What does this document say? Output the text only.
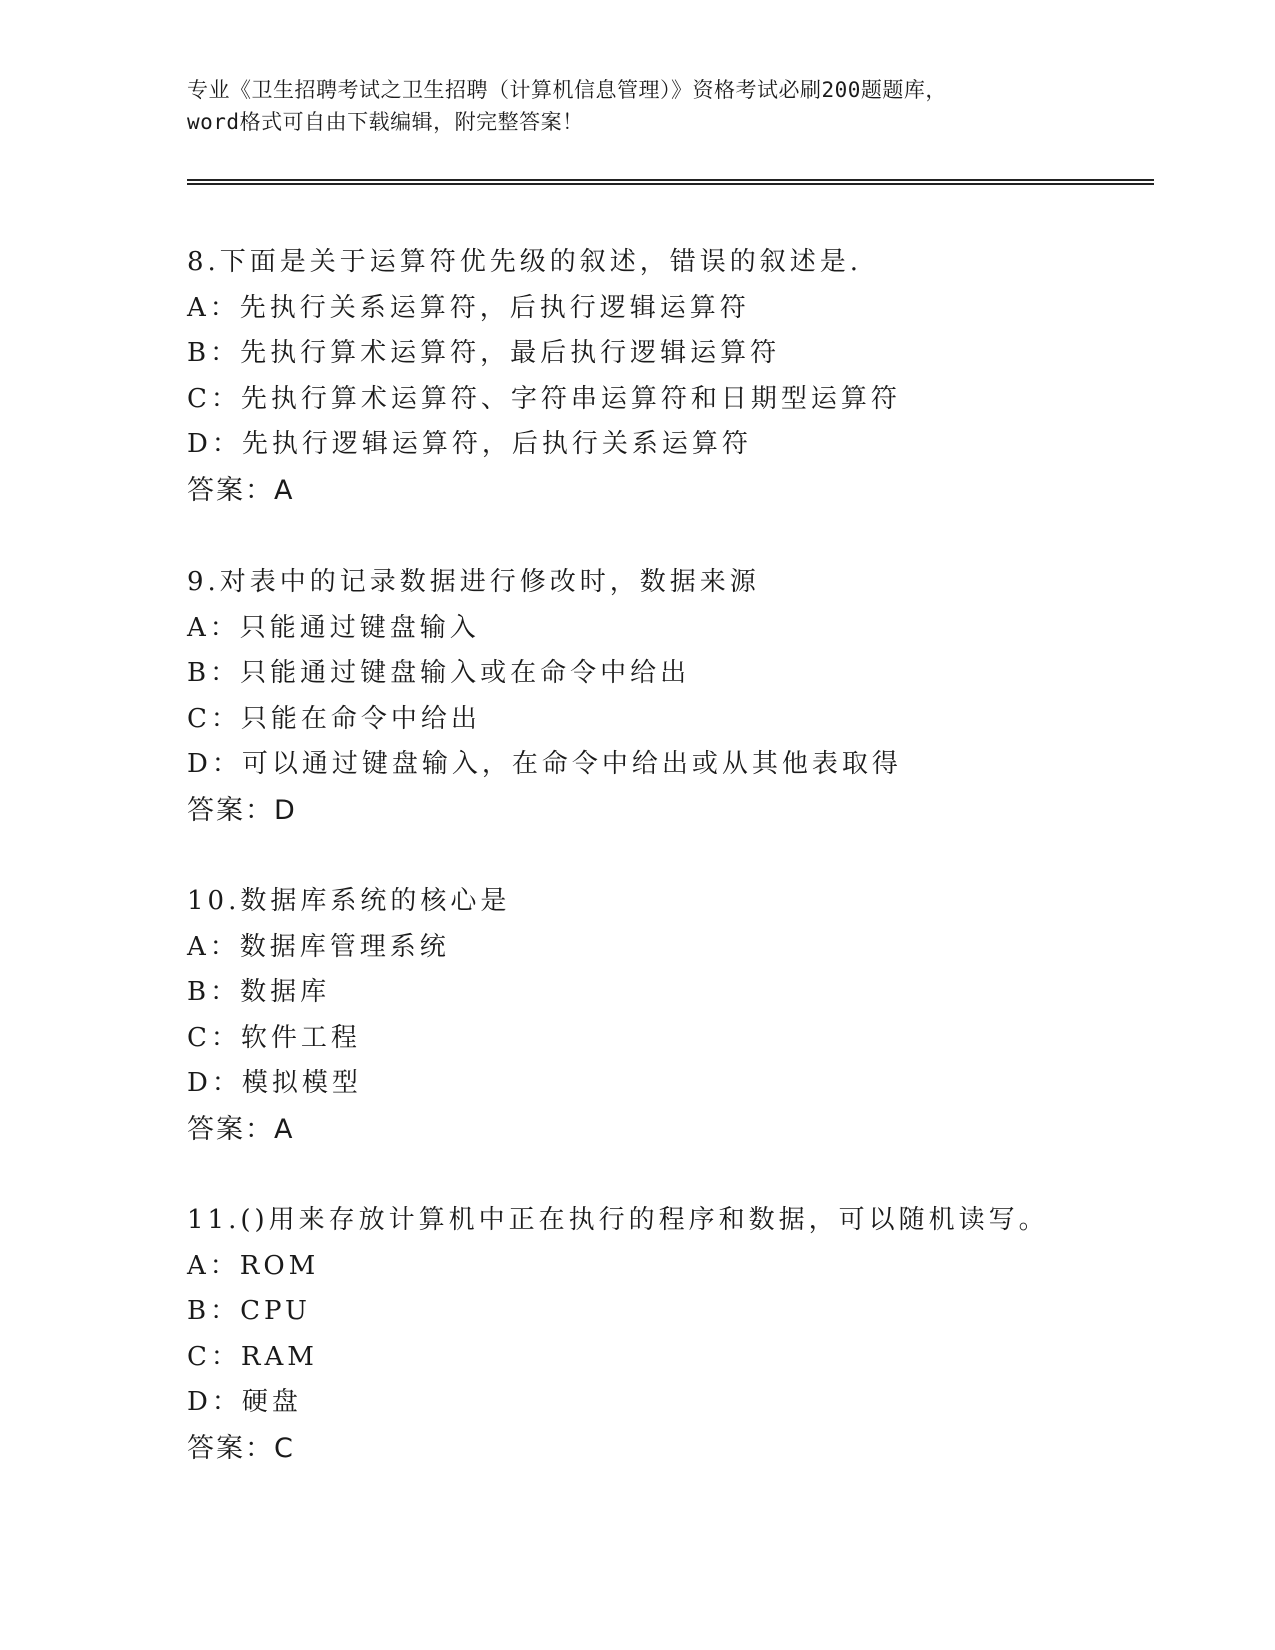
专业《卫生招聘考试之卫生招聘（计算机信息管理）》资格考试必刷200题题库，
word格式可自由下载编辑，附完整答案！
8.下面是关于运算符优先级的叙述，错误的叙述是.
A：先执行关系运算符，后执行逻辑运算符
B：先执行算术运算符，最后执行逻辑运算符
C：先执行算术运算符、字符串运算符和日期型运算符
D：先执行逻辑运算符，后执行关系运算符
答案：A
9.对表中的记录数据进行修改时，数据来源
A：只能通过键盘输入
B：只能通过键盘输入或在命令中给出
C：只能在命令中给出
D：可以通过键盘输入，在命令中给出或从其他表取得
答案：D
10.数据库系统的核心是
A：数据库管理系统
B：数据库
C：软件工程
D：模拟模型
答案：A
11.()用来存放计算机中正在执行的程序和数据，可以随机读写。
A：ROM
B：CPU
C：RAM
D：硬盘
答案：C
